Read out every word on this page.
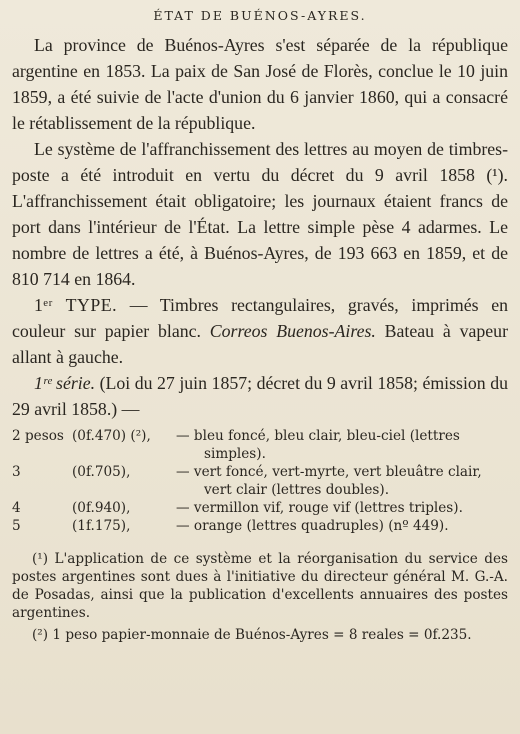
ÉTAT DE BUÉNOS-AYRES.

La province de Buénos-Ayres s'est séparée de la république argentine en 1853. La paix de San José de Florès, conclue le 10 juin 1859, a été suivie de l'acte d'union du 6 janvier 1860, qui a consacré le rétablissement de la république.

Le système de l'affranchissement des lettres au moyen de timbres-poste a été introduit en vertu du décret du 9 avril 1858 (¹). L'affranchissement était obligatoire; les journaux étaient francs de port dans l'intérieur de l'État. La lettre simple pèse 4 adarmes. Le nombre de lettres a été, à Buénos-Ayres, de 193 663 en 1859, et de 810 714 en 1864.

1ᵉʳ TYPE. — Timbres rectangulaires, gravés, imprimés en couleur sur papier blanc. Correos Buenos-Aires. Bateau à vapeur allant à gauche.

1ʳᵉ série. (Loi du 27 juin 1857; décret du 9 avril 1858; émission du 29 avril 1858.) —

2 pesos (0f.470) (²),	— bleu foncé, bleu clair, bleu-ciel (lettres
simples).
3	(0f.705),	— vert foncé, vert-myrte, vert bleuâtre clair,
vert clair (lettres doubles).
4	(0f.940),	— vermillon vif, rouge vif (lettres triples).
5	(1f.175),	— orange (lettres quadruples) (nº 449).

(¹) L'application de ce système et la réorganisation du service des postes argentines sont dues à l'initiative du directeur général M. G.-A. de Posadas, ainsi que la publication d'excellents annuaires des postes argentines.

(²) 1 peso papier-monnaie de Buénos-Ayres = 8 reales = 0f.235.
